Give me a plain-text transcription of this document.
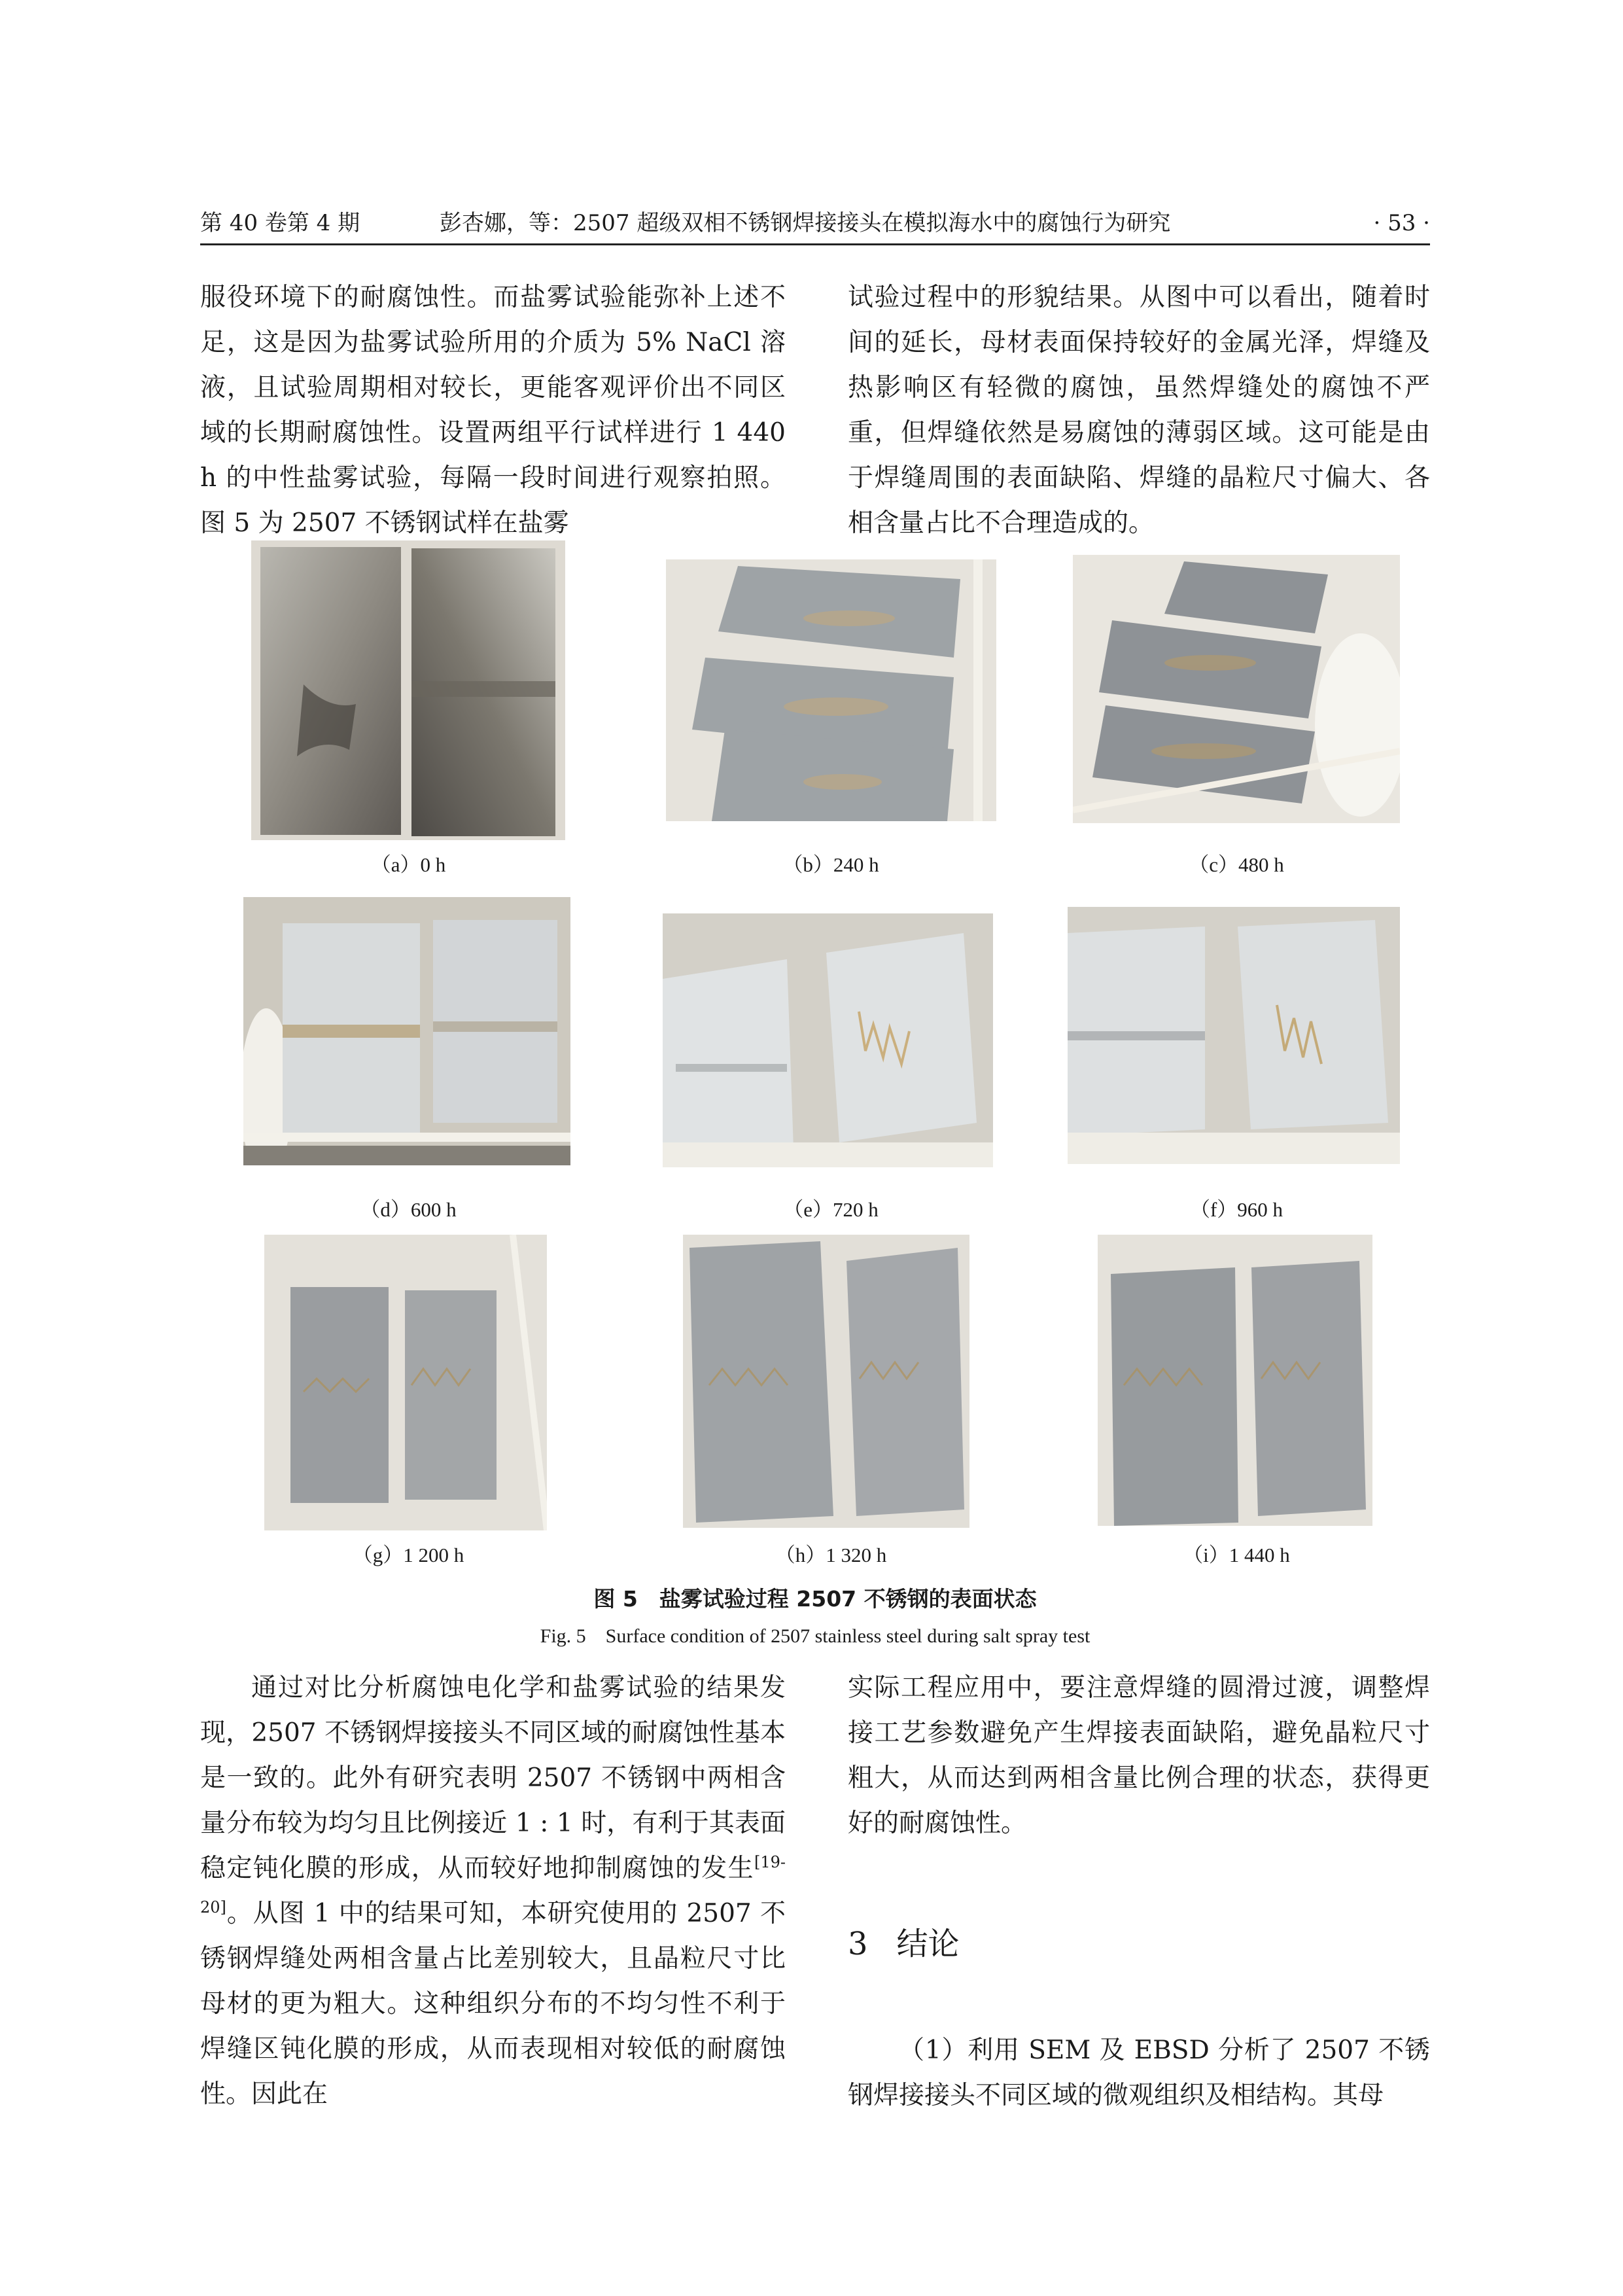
第 40 卷第 4 期	彭杏娜，等：2507 超级双相不锈钢焊接接头在模拟海水中的腐蚀行为研究	· 53 ·

服役环境下的耐腐蚀性。而盐雾试验能弥补上述不足，这是因为盐雾试验所用的介质为 5% NaCl 溶液，且试验周期相对较长，更能客观评价出不同区域的长期耐腐蚀性。设置两组平行试样进行 1 440 h 的中性盐雾试验，每隔一段时间进行观察拍照。图 5 为 2507 不锈钢试样在盐雾

试验过程中的形貌结果。从图中可以看出，随着时间的延长，母材表面保持较好的金属光泽，焊缝及热影响区有轻微的腐蚀，虽然焊缝处的腐蚀不严重，但焊缝依然是易腐蚀的薄弱区域。这可能是由于焊缝周围的表面缺陷、焊缝的晶粒尺寸偏大、各相含量占比不合理造成的。

（a）0 h	（b）240 h	（c）480 h
（d）600 h	（e）720 h	（f）960 h
（g）1 200 h	（h）1 320 h	（i）1 440 h
图 5　盐雾试验过程 2507 不锈钢的表面状态
Fig. 5　Surface condition of 2507 stainless steel during salt spray test

通过对比分析腐蚀电化学和盐雾试验的结果发现，2507 不锈钢焊接接头不同区域的耐腐蚀性基本是一致的。此外有研究表明 2507 不锈钢中两相含量分布较为均匀且比例接近 1 : 1 时，有利于其表面稳定钝化膜的形成，从而较好地抑制腐蚀的发生[19-20]。从图 1 中的结果可知，本研究使用的 2507 不锈钢焊缝处两相含量占比差别较大，且晶粒尺寸比母材的更为粗大。这种组织分布的不均匀性不利于焊缝区钝化膜的形成，从而表现相对较低的耐腐蚀性。因此在

实际工程应用中，要注意焊缝的圆滑过渡，调整焊接工艺参数避免产生焊接表面缺陷，避免晶粒尺寸粗大，从而达到两相含量比例合理的状态，获得更好的耐腐蚀性。

3 结论

（1）利用 SEM 及 EBSD 分析了 2507 不锈钢焊接接头不同区域的微观组织及相结构。其母
